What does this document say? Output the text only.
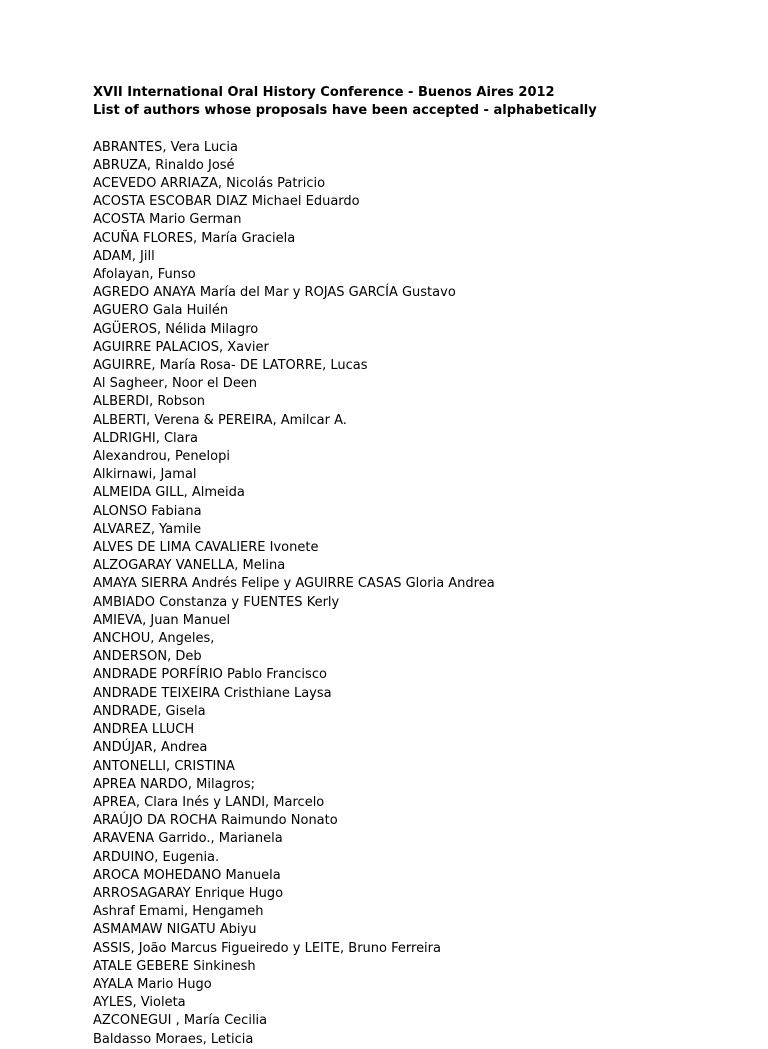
XVII International Oral History Conference - Buenos Aires 2012
List of authors whose proposals have been accepted - alphabetically
ABRANTES, Vera Lucia
ABRUZA, Rinaldo José
ACEVEDO ARRIAZA, Nicolás Patricio
ACOSTA ESCOBAR DIAZ Michael Eduardo
ACOSTA Mario German
ACUÑA FLORES, María Graciela
ADAM, Jill
Afolayan, Funso
AGREDO ANAYA María del Mar y ROJAS GARCÍA Gustavo
AGUERO Gala Huilén
AGÜEROS, Nélida Milagro
AGUIRRE PALACIOS, Xavier
AGUIRRE, María Rosa- DE LATORRE, Lucas
Al Sagheer, Noor el Deen
ALBERDI, Robson
ALBERTI, Verena & PEREIRA, Amilcar A.
ALDRIGHI, Clara
Alexandrou, Penelopi
Alkirnawi, Jamal
ALMEIDA GILL, Almeida
ALONSO Fabiana
ALVAREZ, Yamile
ALVES DE LIMA CAVALIERE Ivonete
ALZOGARAY VANELLA, Melina
AMAYA SIERRA Andrés Felipe y AGUIRRE CASAS Gloria Andrea
AMBIADO Constanza y FUENTES Kerly
AMIEVA, Juan Manuel
ANCHOU, Angeles,
ANDERSON, Deb
ANDRADE PORFÍRIO Pablo Francisco
ANDRADE TEIXEIRA Cristhiane Laysa
ANDRADE, Gisela
ANDREA LLUCH
ANDÚJAR, Andrea
ANTONELLI, CRISTINA
APREA NARDO, Milagros;
APREA, Clara Inés y LANDI, Marcelo
ARAÚJO DA ROCHA Raimundo Nonato
ARAVENA Garrido., Marianela
ARDUINO, Eugenia.
AROCA MOHEDANO Manuela
ARROSAGARAY Enrique Hugo
Ashraf Emami, Hengameh
ASMAMAW NIGATU Abiyu
ASSIS, João Marcus Figueiredo y LEITE, Bruno Ferreira
ATALE GEBERE Sinkinesh
AYALA Mario Hugo
AYLES, Violeta
AZCONEGUI , María Cecilia
Baldasso Moraes, Leticia
